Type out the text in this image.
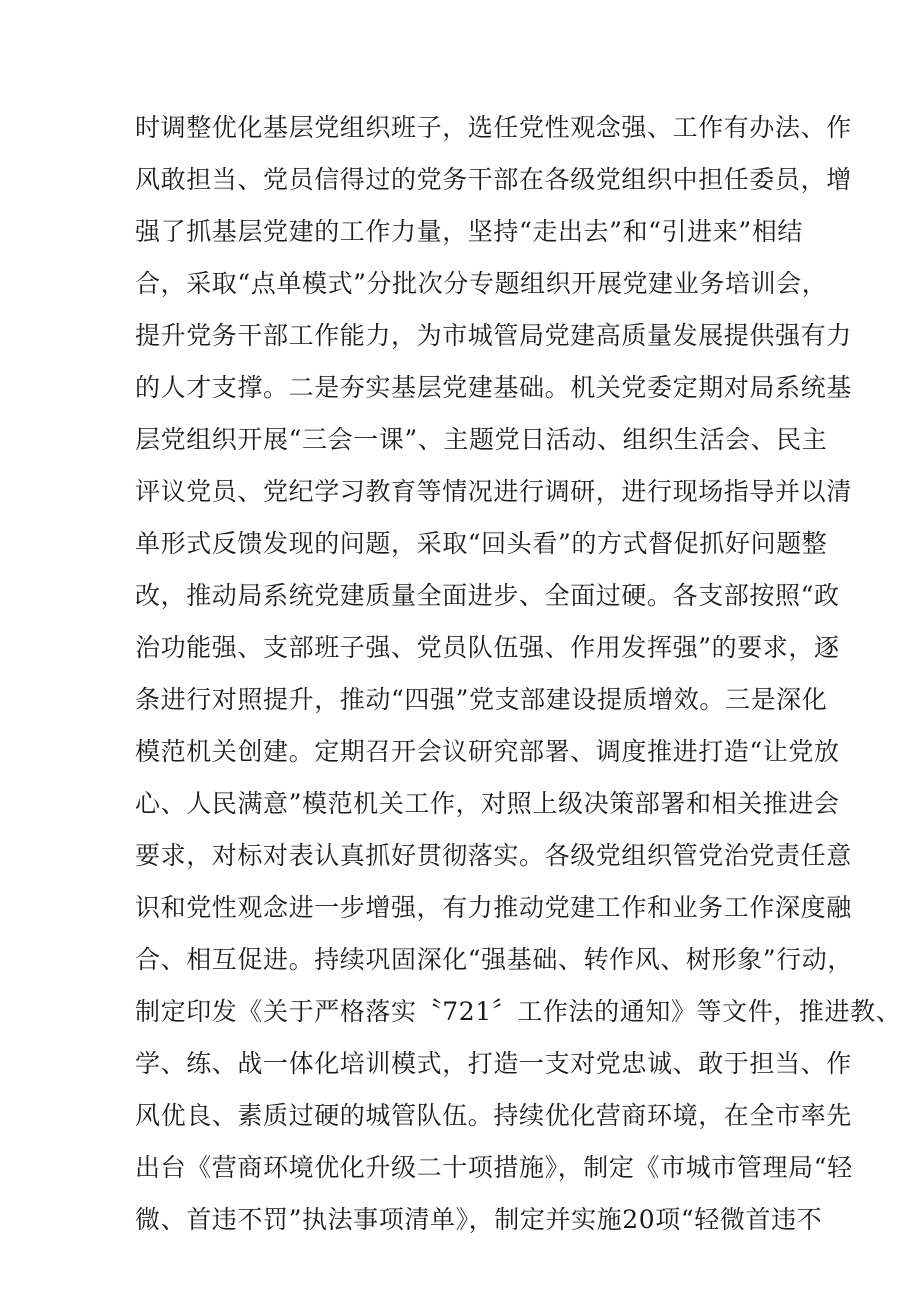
时调整优化基层党组织班子，选任党性观念强、工作有办法、作
风敢担当、党员信得过的党务干部在各级党组织中担任委员，增
强了抓基层党建的工作力量，坚持“走出去”和“引进来”相结
合，采取“点单模式”分批次分专题组织开展党建业务培训会，
提升党务干部工作能力，为市城管局党建高质量发展提供强有力
的人才支撑。二是夯实基层党建基础。机关党委定期对局系统基
层党组织开展“三会一课”、主题党日活动、组织生活会、民主
评议党员、党纪学习教育等情况进行调研，进行现场指导并以清
单形式反馈发现的问题，采取“回头看”的方式督促抓好问题整
改，推动局系统党建质量全面进步、全面过硬。各支部按照“政
治功能强、支部班子强、党员队伍强、作用发挥强”的要求，逐
条进行对照提升，推动“四强”党支部建设提质增效。三是深化
模范机关创建。定期召开会议研究部署、调度推进打造“让党放
心、人民满意”模范机关工作，对照上级决策部署和相关推进会
要求，对标对表认真抓好贯彻落实。各级党组织管党治党责任意
识和党性观念进一步增强，有力推动党建工作和业务工作深度融
合、相互促进。持续巩固深化“强基础、转作风、树形象”行动，
制定印发《关于严格落实〝721〞工作法的通知》等文件，推进教、
学、练、战一体化培训模式，打造一支对党忠诚、敢于担当、作
风优良、素质过硬的城管队伍。持续优化营商环境，在全市率先
出台《营商环境优化升级二十项措施》，制定《市城市管理局“轻
微、首违不罚”执法事项清单》，制定并实施20项“轻微首违不
